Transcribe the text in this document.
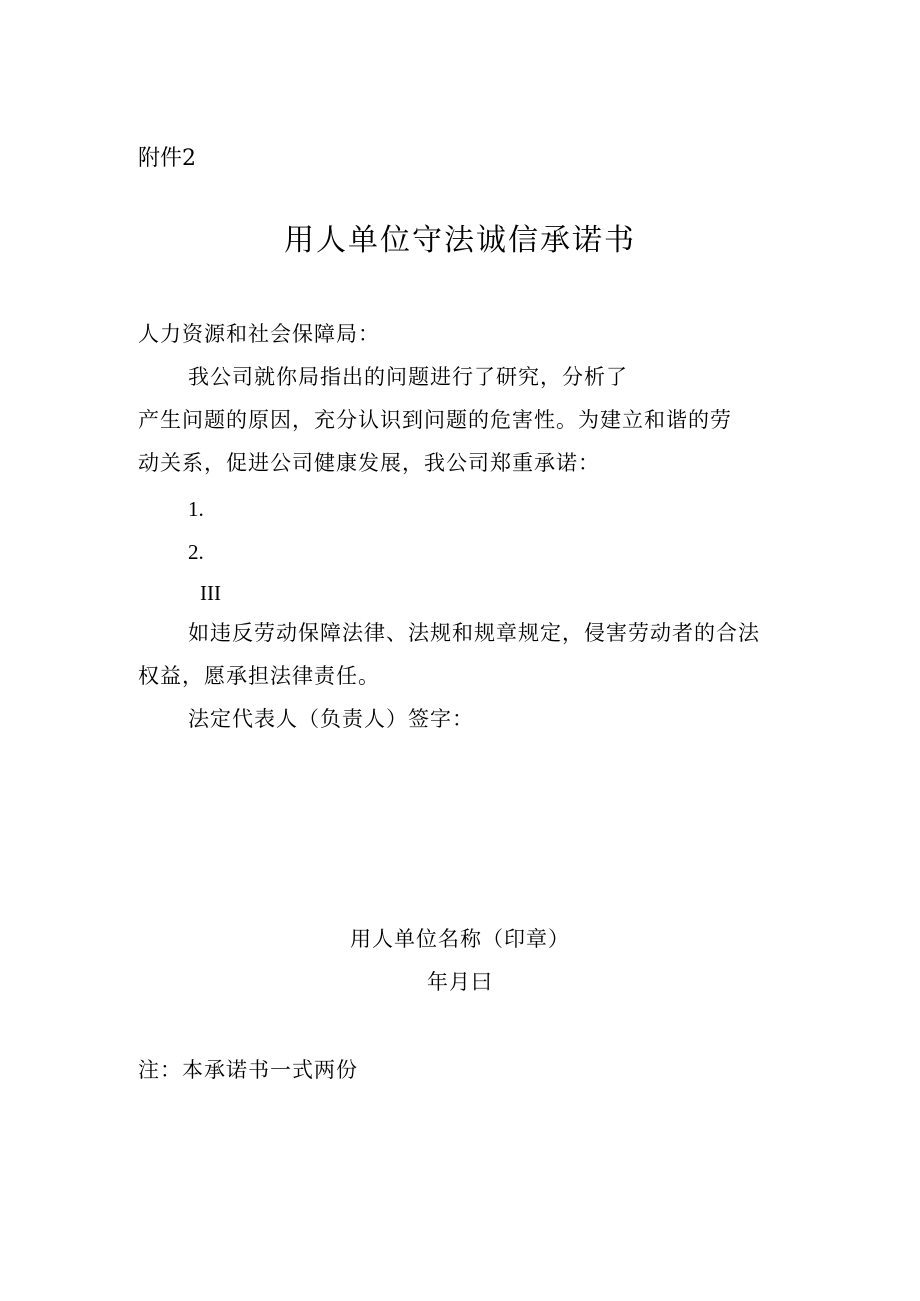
附件2
用人单位守法诚信承诺书
人力资源和社会保障局：
我公司就你局指出的问题进行了研究，分析了
产生问题的原因，充分认识到问题的危害性。为建立和谐的劳
动关系，促进公司健康发展，我公司郑重承诺：
1.
2.
III
如违反劳动保障法律、法规和规章规定，侵害劳动者的合法
权益，愿承担法律责任。
法定代表人（负责人）签字：
用人单位名称（印章）
年月曰
注：本承诺书一式两份
